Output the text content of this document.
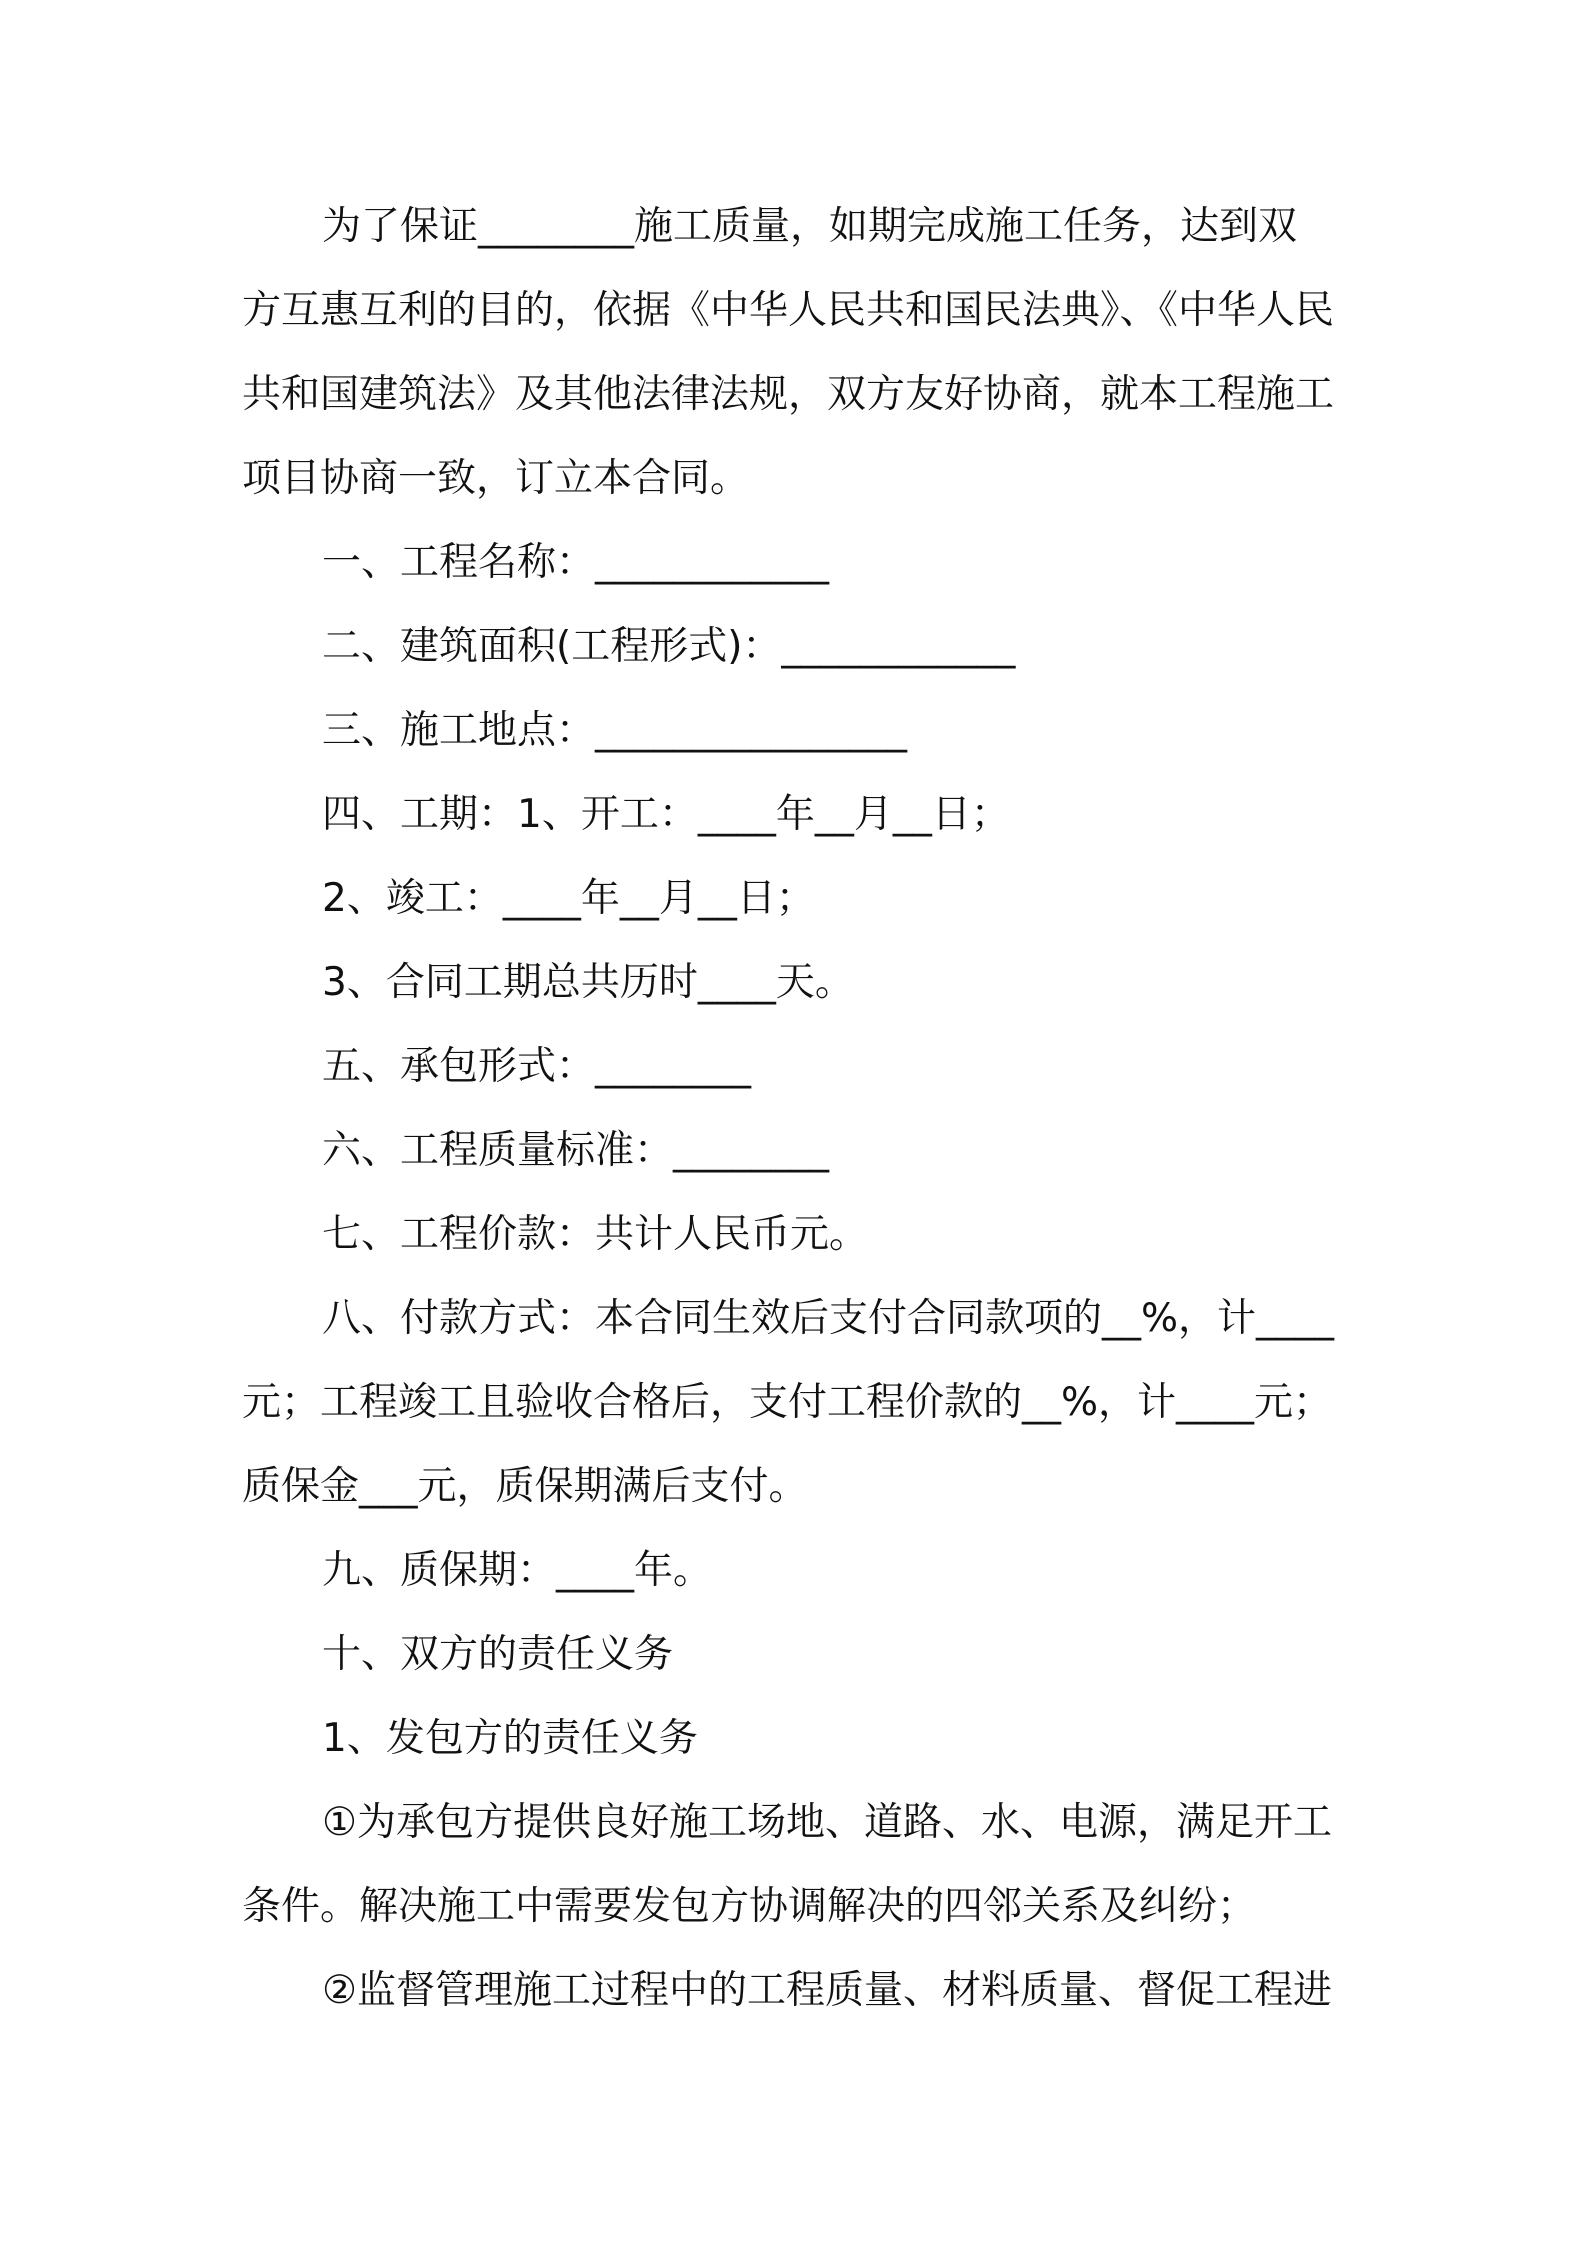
为了保证________施工质量，如期完成施工任务，达到双
方互惠互利的目的，依据《中华人民共和国民法典》、《中华人民
共和国建筑法》及其他法律法规，双方友好协商，就本工程施工
项目协商一致，订立本合同。
一、工程名称：____________
二、建筑面积(工程形式)：____________
三、施工地点：________________
四、工期：1、开工：____年__月__日；
2、竣工：____年__月__日；
3、合同工期总共历时____天。
五、承包形式：________
六、工程质量标准：________
七、工程价款：共计人民币元。
八、付款方式：本合同生效后支付合同款项的__%，计____
元；工程竣工且验收合格后，支付工程价款的__%，计____元；
质保金___元，质保期满后支付。
九、质保期：____年。
十、双方的责任义务
1、发包方的责任义务
①为承包方提供良好施工场地、道路、水、电源，满足开工
条件。解决施工中需要发包方协调解决的四邻关系及纠纷；
②监督管理施工过程中的工程质量、材料质量、督促工程进
